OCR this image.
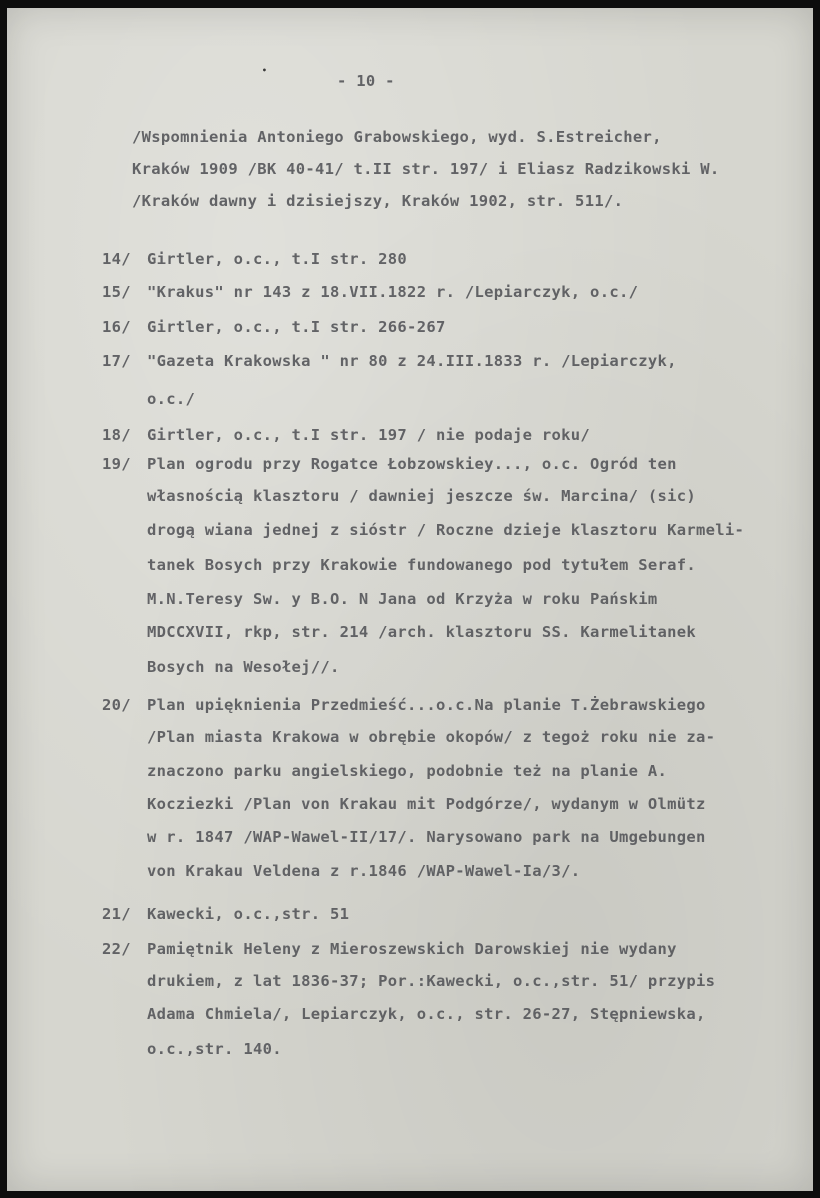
- 10 -
•
/Wspomnienia Antoniego Grabowskiego, wyd. S.Estreicher,
Kraków 1909 /BK 40-41/ t.II str. 197/ i Eliasz Radzikowski W.
/Kraków dawny i dzisiejszy, Kraków 1902, str. 511/.
14/ Girtler, o.c., t.I str. 280
15/ "Krakus" nr 143 z 18.VII.1822 r. /Lepiarczyk, o.c./
16/ Girtler, o.c., t.I str. 266-267
17/ "Gazeta Krakowska " nr 80 z 24.III.1833 r. /Lepiarczyk,
o.c./
18/ Girtler, o.c., t.I str. 197 / nie podaje roku/
19/ Plan ogrodu przy Rogatce Łobzowskiey..., o.c. Ogród ten
własnością klasztoru / dawniej jeszcze św. Marcina/ (sic)
drogą wiana jednej z sióstr / Roczne dzieje klasztoru Karmeli-
tanek Bosych przy Krakowie fundowanego pod tytułem Seraf.
M.N.Teresy Sw. y B.O. N Jana od Krzyża w roku Pańskim
MDCCXVII, rkp, str. 214 /arch. klasztoru SS. Karmelitanek
Bosych na Wesołej//.
20/ Plan upięknienia Przedmieść...o.c.Na planie T.Żebrawskiego
/Plan miasta Krakowa w obrębie okopów/ z tegoż roku nie za-
znaczono parku angielskiego, podobnie też na planie A.
Kocziezki /Plan von Krakau mit Podgórze/, wydanym w Olmütz
w r. 1847 /WAP-Wawel-II/17/. Narysowano park na Umgebungen
von Krakau Veldena z r.1846 /WAP-Wawel-Ia/3/.
21/ Kawecki, o.c.,str. 51
22/ Pamiętnik Heleny z Mieroszewskich Darowskiej nie wydany
drukiem, z lat 1836-37; Por.:Kawecki, o.c.,str. 51/ przypis
Adama Chmiela/, Lepiarczyk, o.c., str. 26-27, Stępniewska,
o.c.,str. 140.
